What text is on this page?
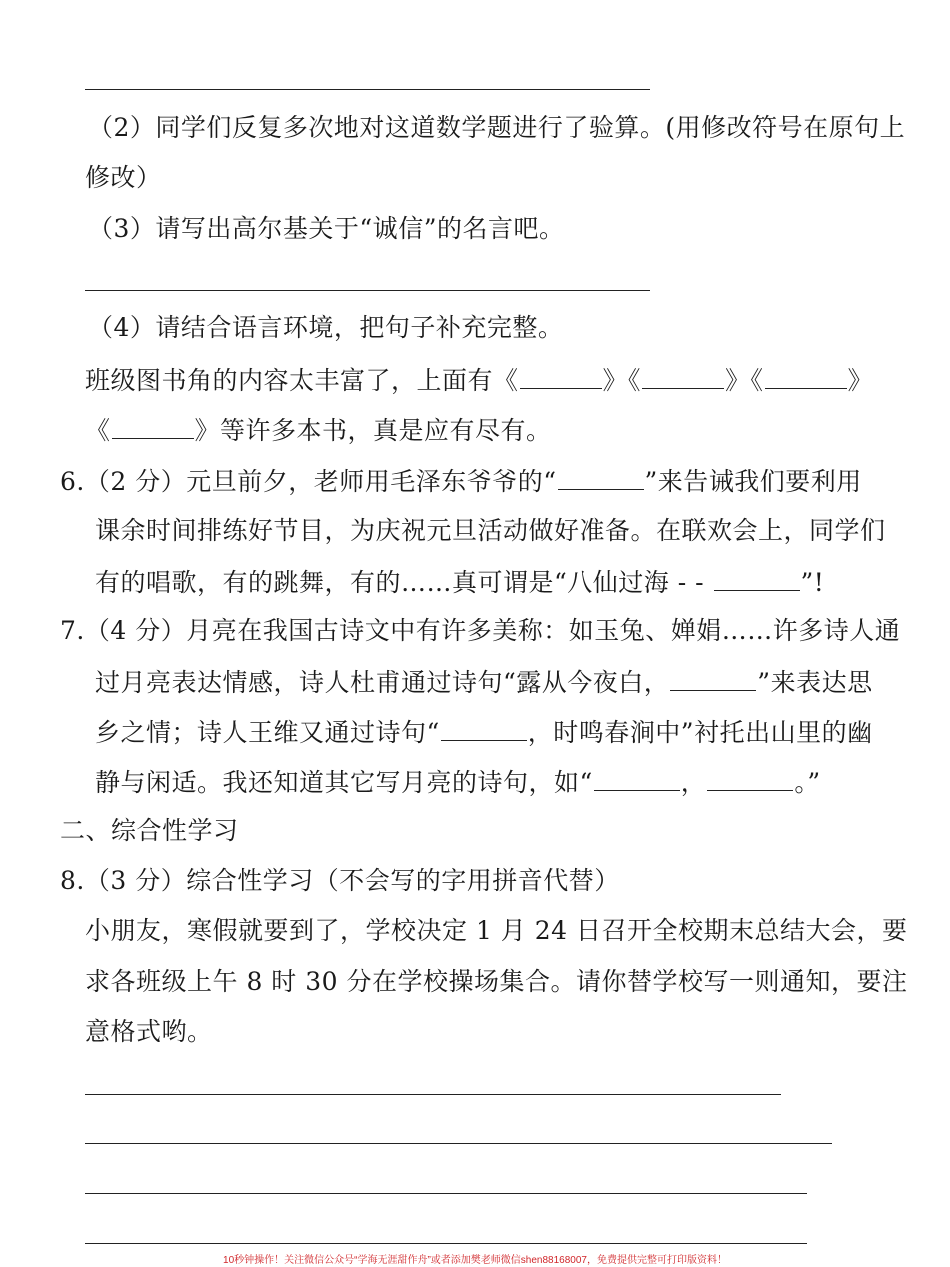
（2）同学们反复多次地对这道数学题进行了验算。(用修改符号在原句上
修改）
（3）请写出高尔基关于“诚信”的名言吧。
（4）请结合语言环境，把句子补充完整。
班级图书角的内容太丰富了，上面有《	》《	》《	》
《	》等许多本书，真是应有尽有。
6.（2 分）元旦前夕，老师用毛泽东爷爷的“	”来告诫我们要利用
课余时间排练好节目，为庆祝元旦活动做好准备。在联欢会上，同学们
有的唱歌，有的跳舞，有的……真可谓是“八仙过海 - -	”!
7.（4 分）月亮在我国古诗文中有许多美称：如玉兔、婵娟……许多诗人通
过月亮表达情感，诗人杜甫通过诗句“露从今夜白，	”来表达思
乡之情；诗人王维又通过诗句“	，时鸣春涧中”衬托出山里的幽
静与闲适。我还知道其它写月亮的诗句，如“	，	。”
二、综合性学习
8.（3 分）综合性学习（不会写的字用拼音代替）
小朋友，寒假就要到了，学校决定 1 月 24 日召开全校期末总结大会，要
求各班级上午 8 时 30 分在学校操场集合。请你替学校写一则通知，要注
意格式哟。
10秒钟操作！关注微信公众号“学海无涯甜作舟”或者添加樊老师微信shen88168007，免费提供完整可打印版资料！
